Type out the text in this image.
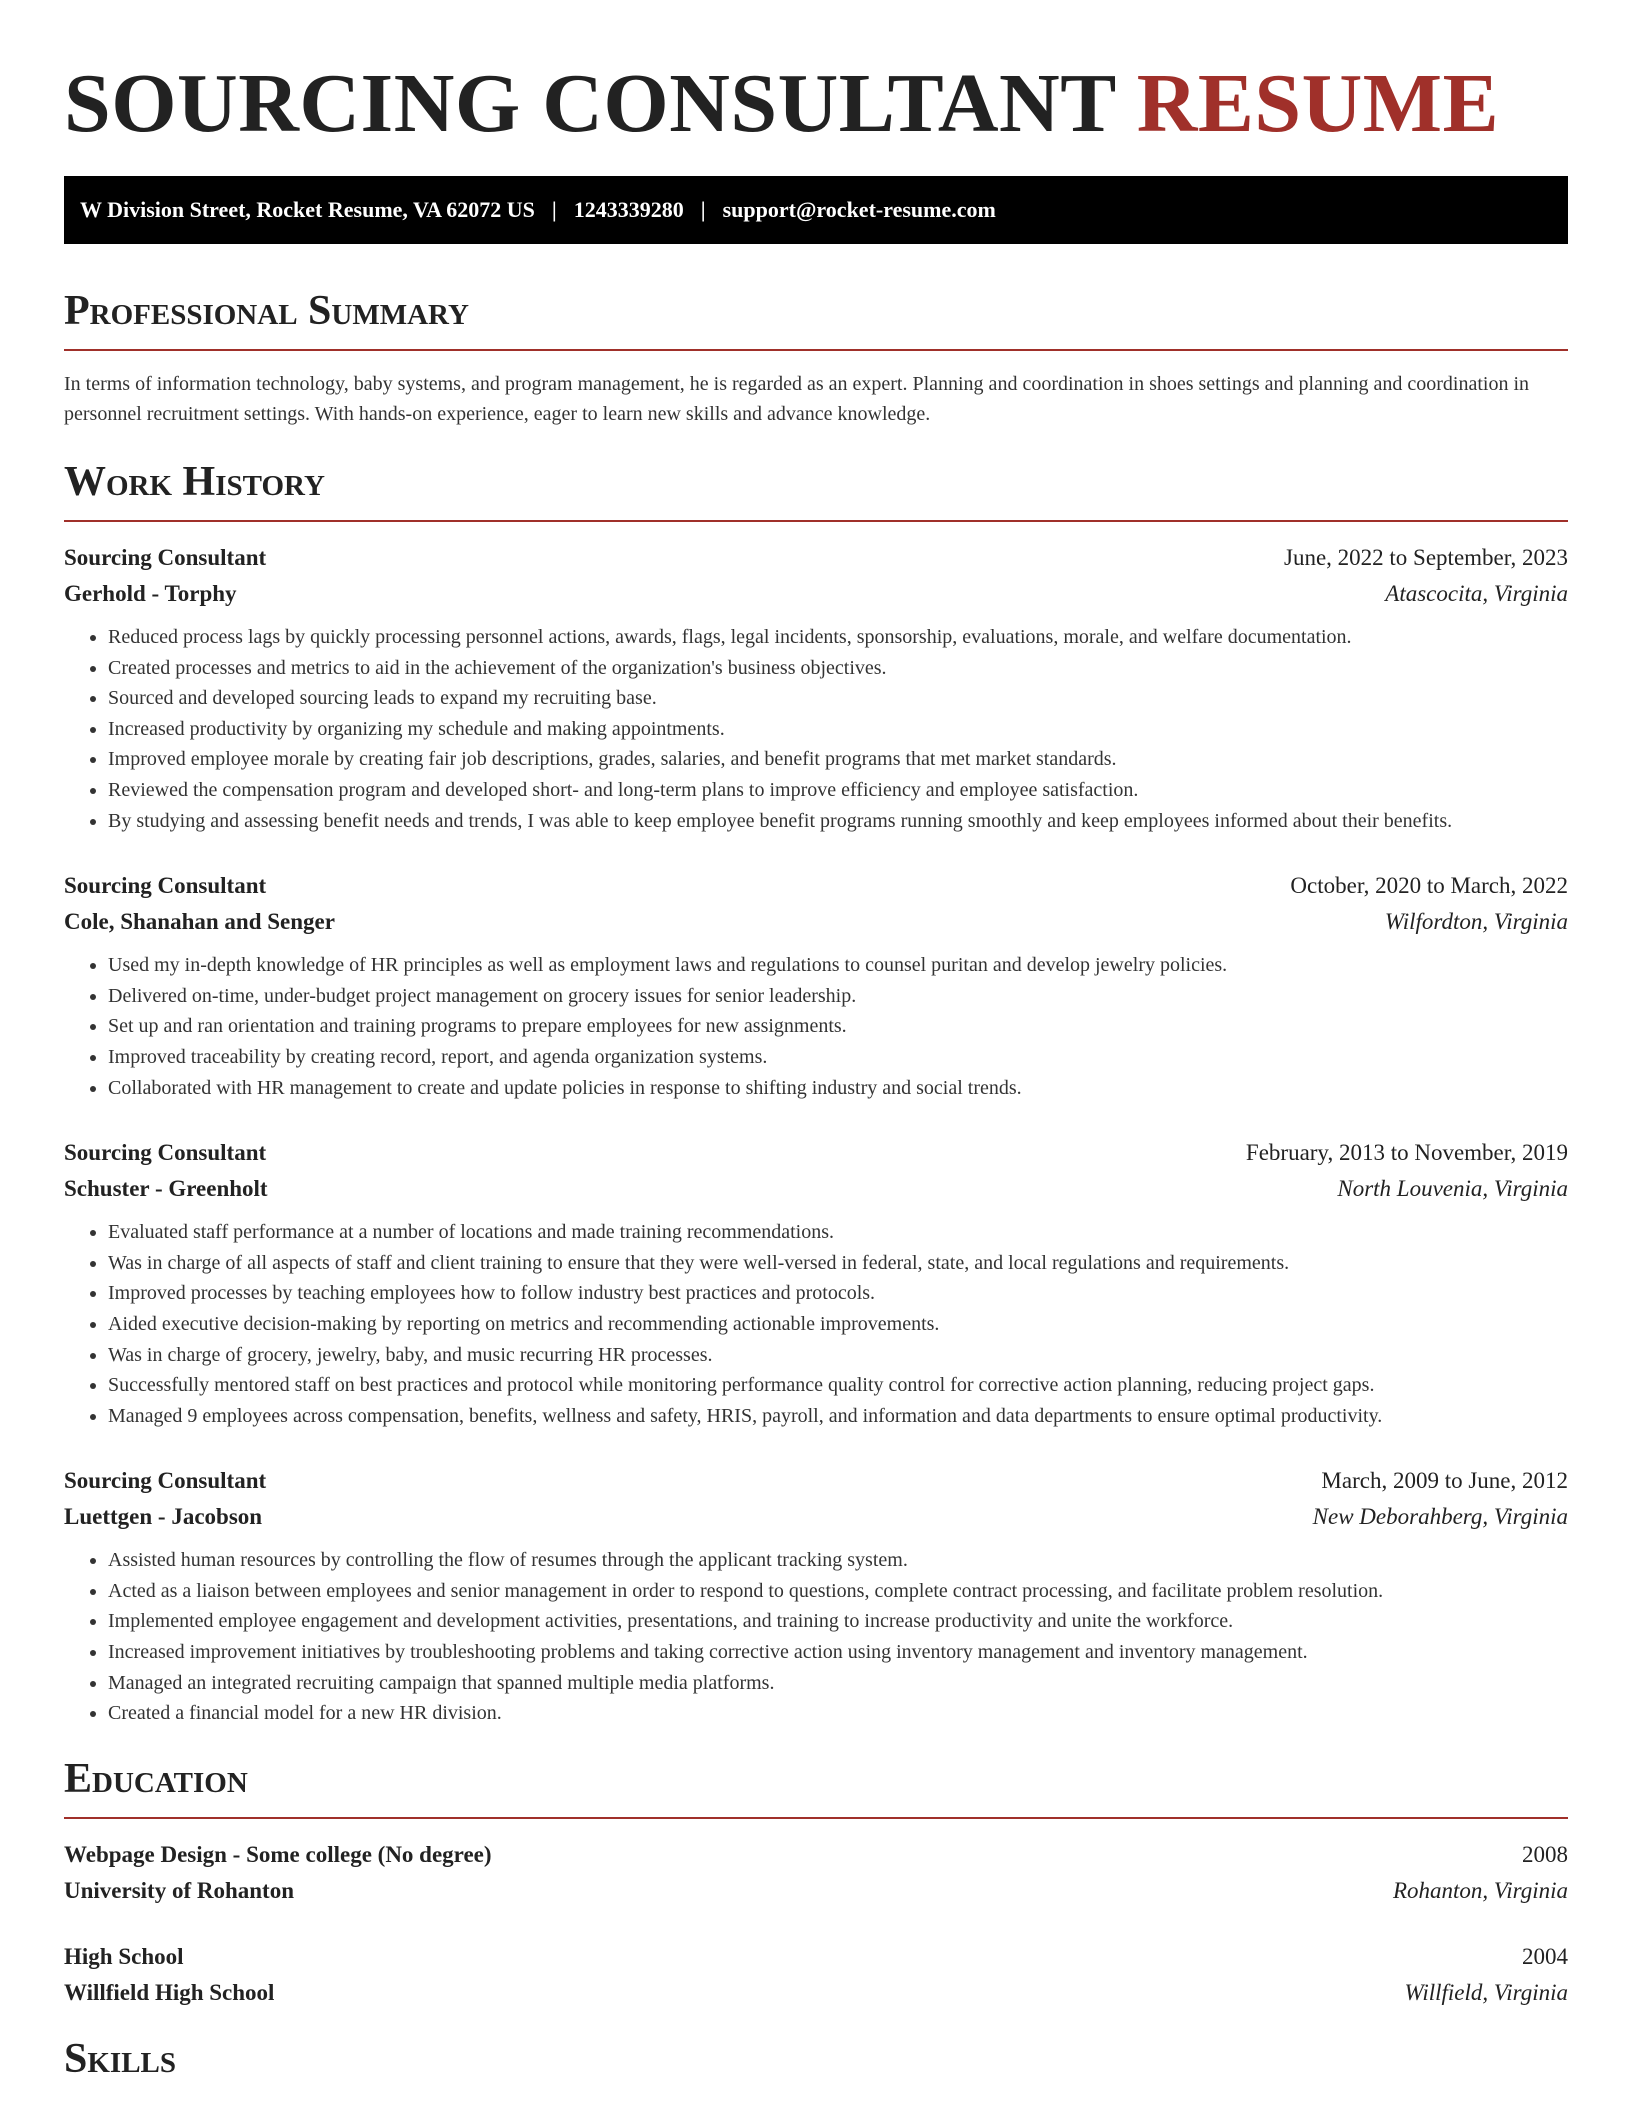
SOURCING CONSULTANT RESUME
W Division Street, Rocket Resume, VA 62072 US | 1243339280 | support@rocket-resume.com
Professional Summary

In terms of information technology, baby systems, and program management, he is regarded as an expert. Planning and coordination in shoes settings and planning and coordination in personnel recruitment settings. With hands-on experience, eager to learn new skills and advance knowledge.

Work History
Sourcing Consultant	June, 2022 to September, 2023
Gerhold - Torphy	Atascocita, Virginia
• Reduced process lags by quickly processing personnel actions, awards, flags, legal incidents, sponsorship, evaluations, morale, and welfare documentation.
• Created processes and metrics to aid in the achievement of the organization's business objectives.
• Sourced and developed sourcing leads to expand my recruiting base.
• Increased productivity by organizing my schedule and making appointments.
• Improved employee morale by creating fair job descriptions, grades, salaries, and benefit programs that met market standards.
• Reviewed the compensation program and developed short- and long-term plans to improve efficiency and employee satisfaction.
• By studying and assessing benefit needs and trends, I was able to keep employee benefit programs running smoothly and keep employees informed about their benefits.
Sourcing Consultant	October, 2020 to March, 2022
Cole, Shanahan and Senger	Wilfordton, Virginia
• Used my in-depth knowledge of HR principles as well as employment laws and regulations to counsel puritan and develop jewelry policies.
• Delivered on-time, under-budget project management on grocery issues for senior leadership.
• Set up and ran orientation and training programs to prepare employees for new assignments.
• Improved traceability by creating record, report, and agenda organization systems.
• Collaborated with HR management to create and update policies in response to shifting industry and social trends.
Sourcing Consultant	February, 2013 to November, 2019
Schuster - Greenholt	North Louvenia, Virginia
• Evaluated staff performance at a number of locations and made training recommendations.
• Was in charge of all aspects of staff and client training to ensure that they were well-versed in federal, state, and local regulations and requirements.
• Improved processes by teaching employees how to follow industry best practices and protocols.
• Aided executive decision-making by reporting on metrics and recommending actionable improvements.
• Was in charge of grocery, jewelry, baby, and music recurring HR processes.
• Successfully mentored staff on best practices and protocol while monitoring performance quality control for corrective action planning, reducing project gaps.
• Managed 9 employees across compensation, benefits, wellness and safety, HRIS, payroll, and information and data departments to ensure optimal productivity.
Sourcing Consultant	March, 2009 to June, 2012
Luettgen - Jacobson	New Deborahberg, Virginia
• Assisted human resources by controlling the flow of resumes through the applicant tracking system.
• Acted as a liaison between employees and senior management in order to respond to questions, complete contract processing, and facilitate problem resolution.
• Implemented employee engagement and development activities, presentations, and training to increase productivity and unite the workforce.
• Increased improvement initiatives by troubleshooting problems and taking corrective action using inventory management and inventory management.
• Managed an integrated recruiting campaign that spanned multiple media platforms.
• Created a financial model for a new HR division.
Education
Webpage Design - Some college (No degree)	2008
University of Rohanton	Rohanton, Virginia
High School	2004
Willfield High School	Willfield, Virginia
Skills
